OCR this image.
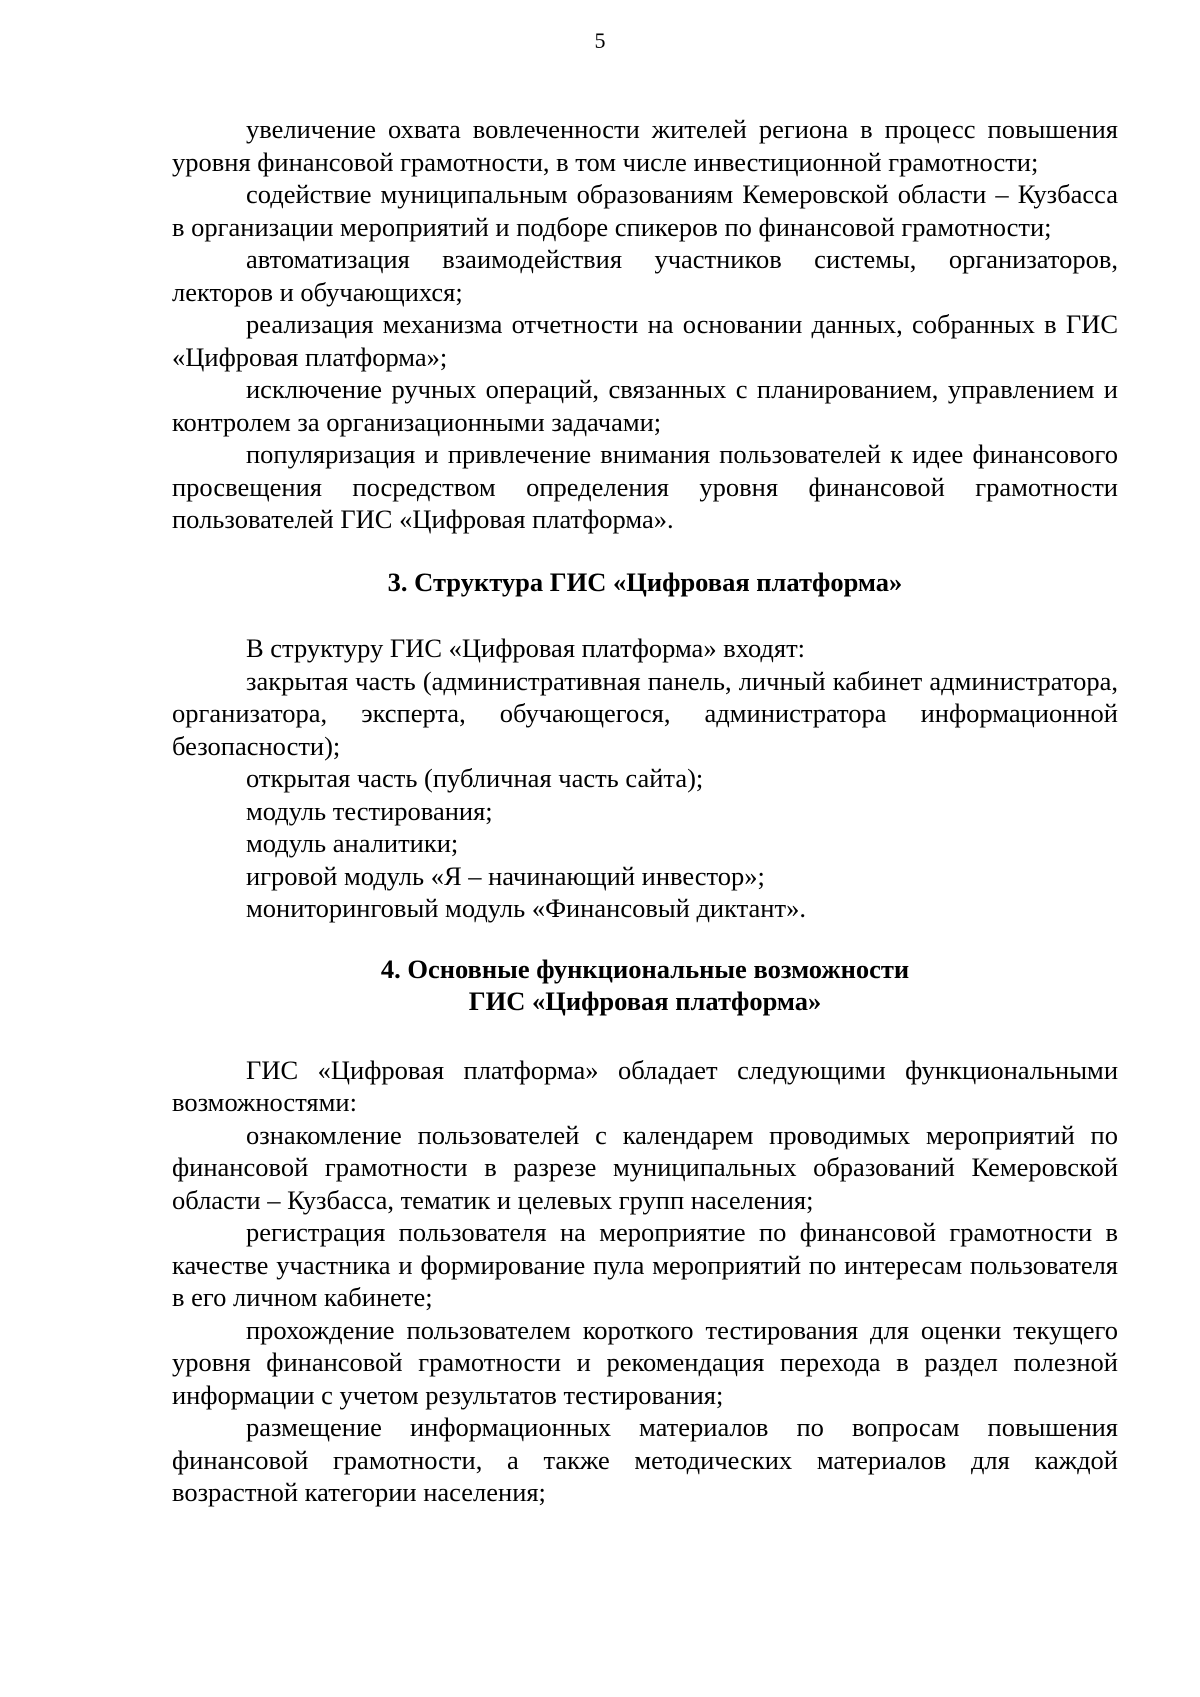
5

увеличение охвата вовлеченности жителей региона в процесс повышения уровня финансовой грамотности, в том числе инвестиционной грамотности;

содействие муниципальным образованиям Кемеровской области – Кузбасса в организации мероприятий и подборе спикеров по финансовой грамотности;

автоматизация взаимодействия участников системы, организаторов, лекторов и обучающихся;

реализация механизма отчетности на основании данных, собранных в ГИС «Цифровая платформа»;

исключение ручных операций, связанных с планированием, управлением и контролем за организационными задачами;

популяризация и привлечение внимания пользователей к идее финансового просвещения посредством определения уровня финансовой грамотности пользователей ГИС «Цифровая платформа».

3. Структура ГИС «Цифровая платформа»

В структуру ГИС «Цифровая платформа» входят:

закрытая часть (административная панель, личный кабинет администратора, организатора, эксперта, обучающегося, администратора информационной безопасности);

открытая часть (публичная часть сайта);

модуль тестирования;

модуль аналитики;

игровой модуль «Я – начинающий инвестор»;

мониторинговый модуль «Финансовый диктант».

4. Основные функциональные возможности
ГИС «Цифровая платформа»

ГИС «Цифровая платформа» обладает следующими функциональными возможностями:

ознакомление пользователей с календарем проводимых мероприятий по финансовой грамотности в разрезе муниципальных образований Кемеровской области – Кузбасса, тематик и целевых групп населения;

регистрация пользователя на мероприятие по финансовой грамотности в качестве участника и формирование пула мероприятий по интересам пользователя в его личном кабинете;

прохождение пользователем короткого тестирования для оценки текущего уровня финансовой грамотности и рекомендация перехода в раздел полезной информации с учетом результатов тестирования;

размещение информационных материалов по вопросам повышения финансовой грамотности, а также методических материалов для каждой возрастной категории населения;
